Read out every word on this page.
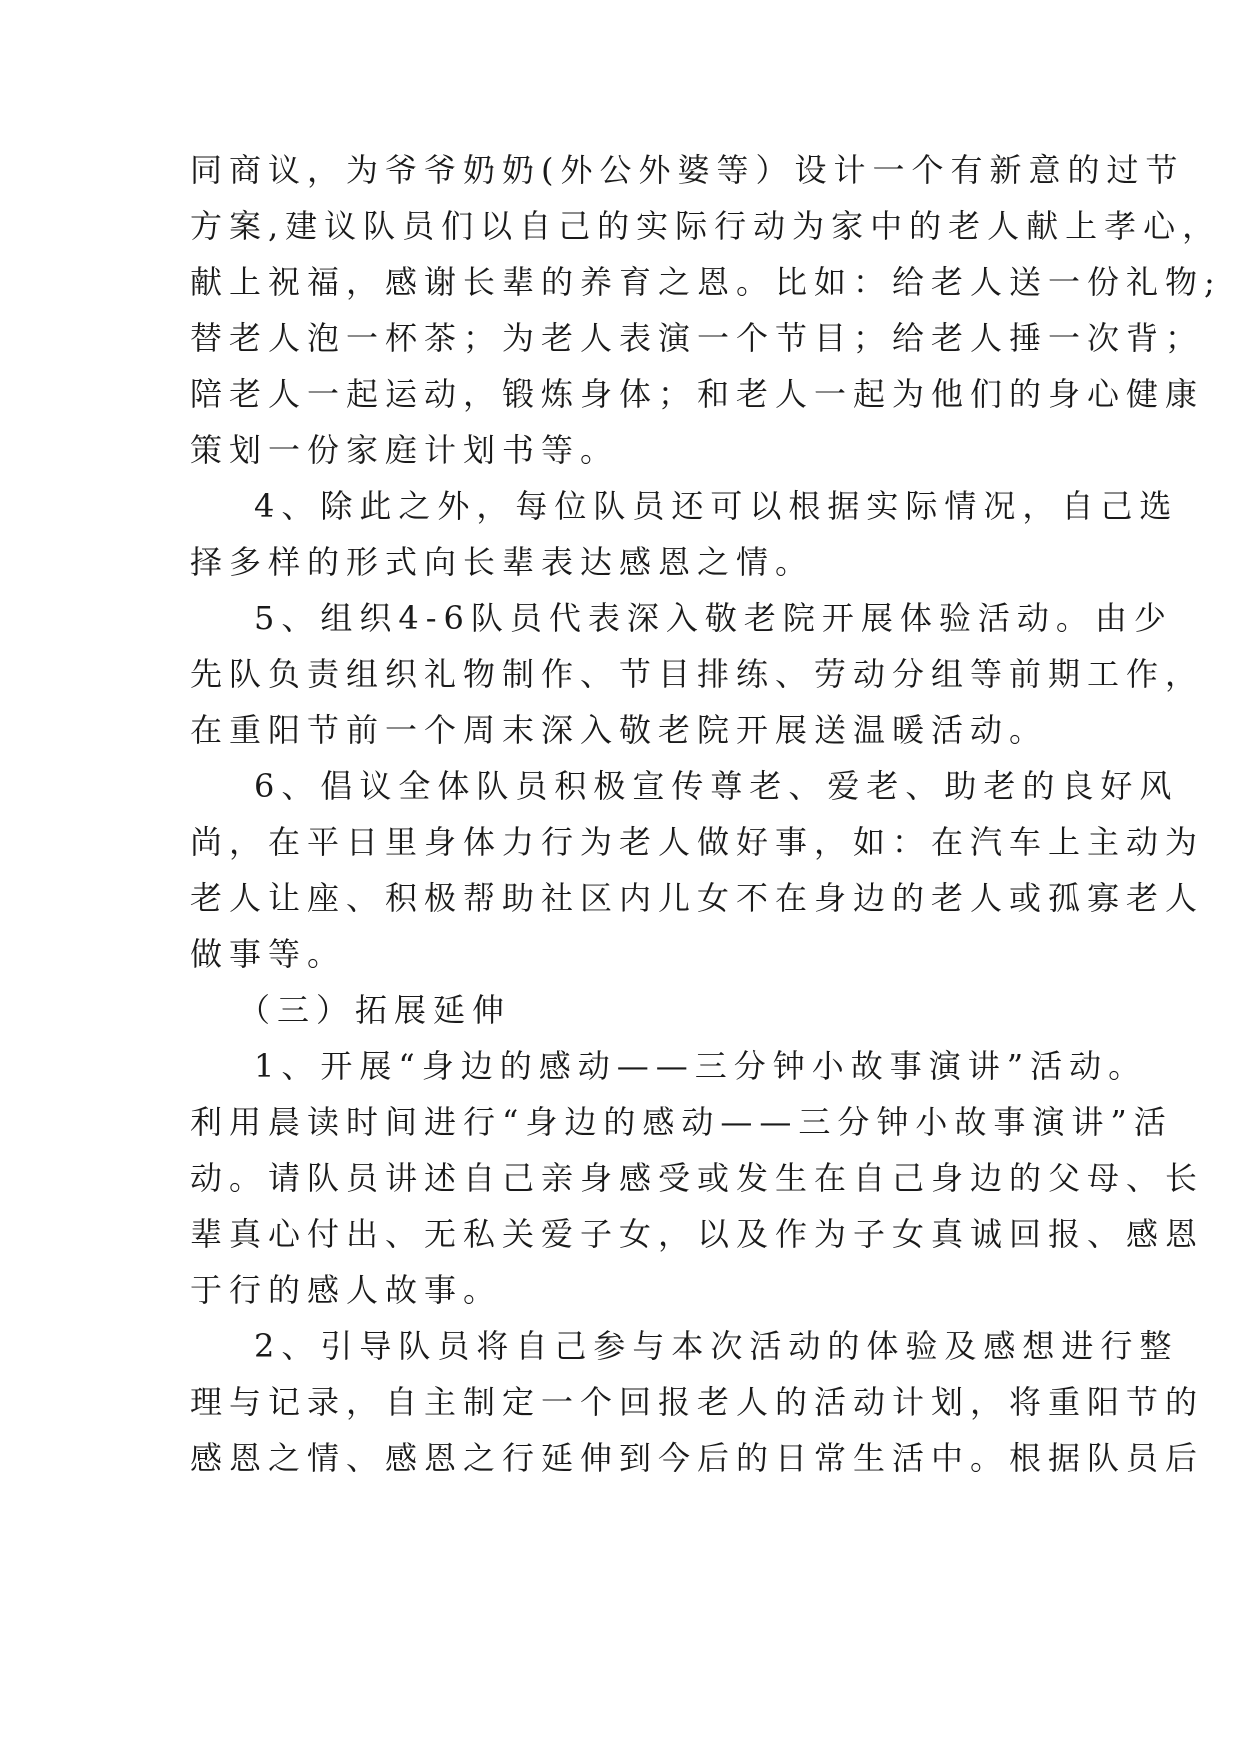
同商议，为爷爷奶奶(外公外婆等）设计一个有新意的过节
方案,建议队员们以自己的实际行动为家中的老人献上孝心，
献上祝福，感谢长辈的养育之恩。比如：给老人送一份礼物;
替老人泡一杯茶；为老人表演一个节目；给老人捶一次背；
陪老人一起运动，锻炼身体；和老人一起为他们的身心健康
策划一份家庭计划书等。
4、除此之外，每位队员还可以根据实际情况，自己选
择多样的形式向长辈表达感恩之情。
5、组织4-6队员代表深入敬老院开展体验活动。由少
先队负责组织礼物制作、节目排练、劳动分组等前期工作，
在重阳节前一个周末深入敬老院开展送温暖活动。
6、倡议全体队员积极宣传尊老、爱老、助老的良好风
尚，在平日里身体力行为老人做好事，如：在汽车上主动为
老人让座、积极帮助社区内儿女不在身边的老人或孤寡老人
做事等。
（三）拓展延伸
1、开展“身边的感动——三分钟小故事演讲”活动。
利用晨读时间进行“身边的感动——三分钟小故事演讲”活
动。请队员讲述自己亲身感受或发生在自己身边的父母、长
辈真心付出、无私关爱子女，以及作为子女真诚回报、感恩
于行的感人故事。
2、引导队员将自己参与本次活动的体验及感想进行整
理与记录，自主制定一个回报老人的活动计划，将重阳节的
感恩之情、感恩之行延伸到今后的日常生活中。根据队员后
